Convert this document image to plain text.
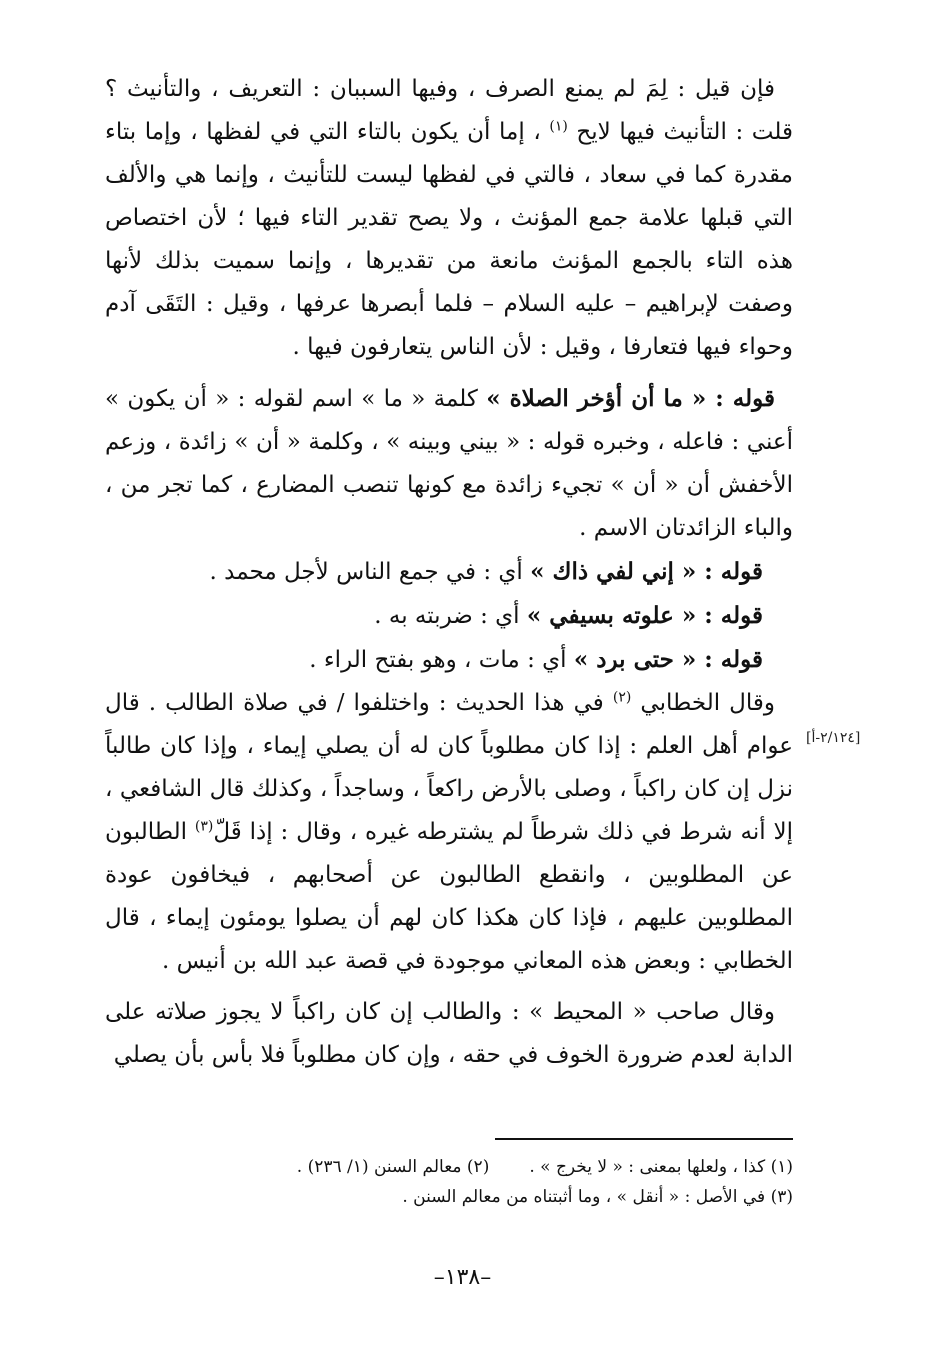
[٢/١٢٤-أ]

فإن قيل : لِمَ لم يمنع الصرف ، وفيها السببان : التعريف ، والتأنيث ؟ قلت : التأنيث فيها لايح $^{(١)}$ ، إما أن يكون بالتاء التي في لفظها ، وإما بتاء مقدرة كما في سعاد ، فالتي في لفظها ليست للتأنيث ، وإنما هي والألف التي قبلها علامة جمع المؤنث ، ولا يصح تقدير التاء فيها ؛ لأن اختصاص هذه التاء بالجمع المؤنث مانعة من تقديرها ، وإنما سميت بذلك لأنها وصفت لإبراهيم – عليه السلام – فلما أبصرها عرفها ، وقيل : التَقَى آدم وحواء فيها فتعارفا ، وقيل : لأن الناس يتعارفون فيها .

قوله : « ما أن أؤخر الصلاة » كلمة « ما » اسم لقوله : « أن يكون » أعني : فاعله ، وخبره قوله : « بيني وبينه » ، وكلمة « أن » زائدة ، وزعم الأخفش أن « أن » تجيء زائدة مع كونها تنصب المضارع ، كما تجر من ، والباء الزائدتان الاسم .

قوله : « إني لفي ذاك » أي : في جمع الناس لأجل محمد .

قوله : « علوته بسيفي » أي : ضربته به .

قوله : « حتى برد » أي : مات ، وهو بفتح الراء .

وقال الخطابي $^{(٢)}$ في هذا الحديث : واختلفوا / في صلاة الطالب . قال عوام أهل العلم : إذا كان مطلوباً كان له أن يصلي إيماء ، وإذا كان طالباً نزل إن كان راكباً ، وصلى بالأرض راكعاً ، وساجداً ، وكذلك قال الشافعي ، إلا أنه شرط في ذلك شرطاً لم يشترطه غيره ، وقال : إذا قَلّ$^{(٣)}$ الطالبون عن المطلوبين ، وانقطع الطالبون عن أصحابهم ، فيخافون عودة المطلوبين عليهم ، فإذا كان هكذا كان لهم أن يصلوا يومئون إيماء ، قال الخطابي : وبعض هذه المعاني موجودة في قصة عبد الله بن أنيس .

وقال صاحب « المحيط » : والطالب إن كان راكباً لا يجوز صلاته على الدابة لعدم ضرورة الخوف في حقه ، وإن كان مطلوباً فلا بأس بأن يصلي

(١) كذا ، ولعلها بمعنى : « لا يخرج » .(٢) معالم السنن (١/ ٢٣٦) .

(٣) في الأصل : « أنقل » ، وما أثبتناه من معالم السنن .

–١٣٨–
